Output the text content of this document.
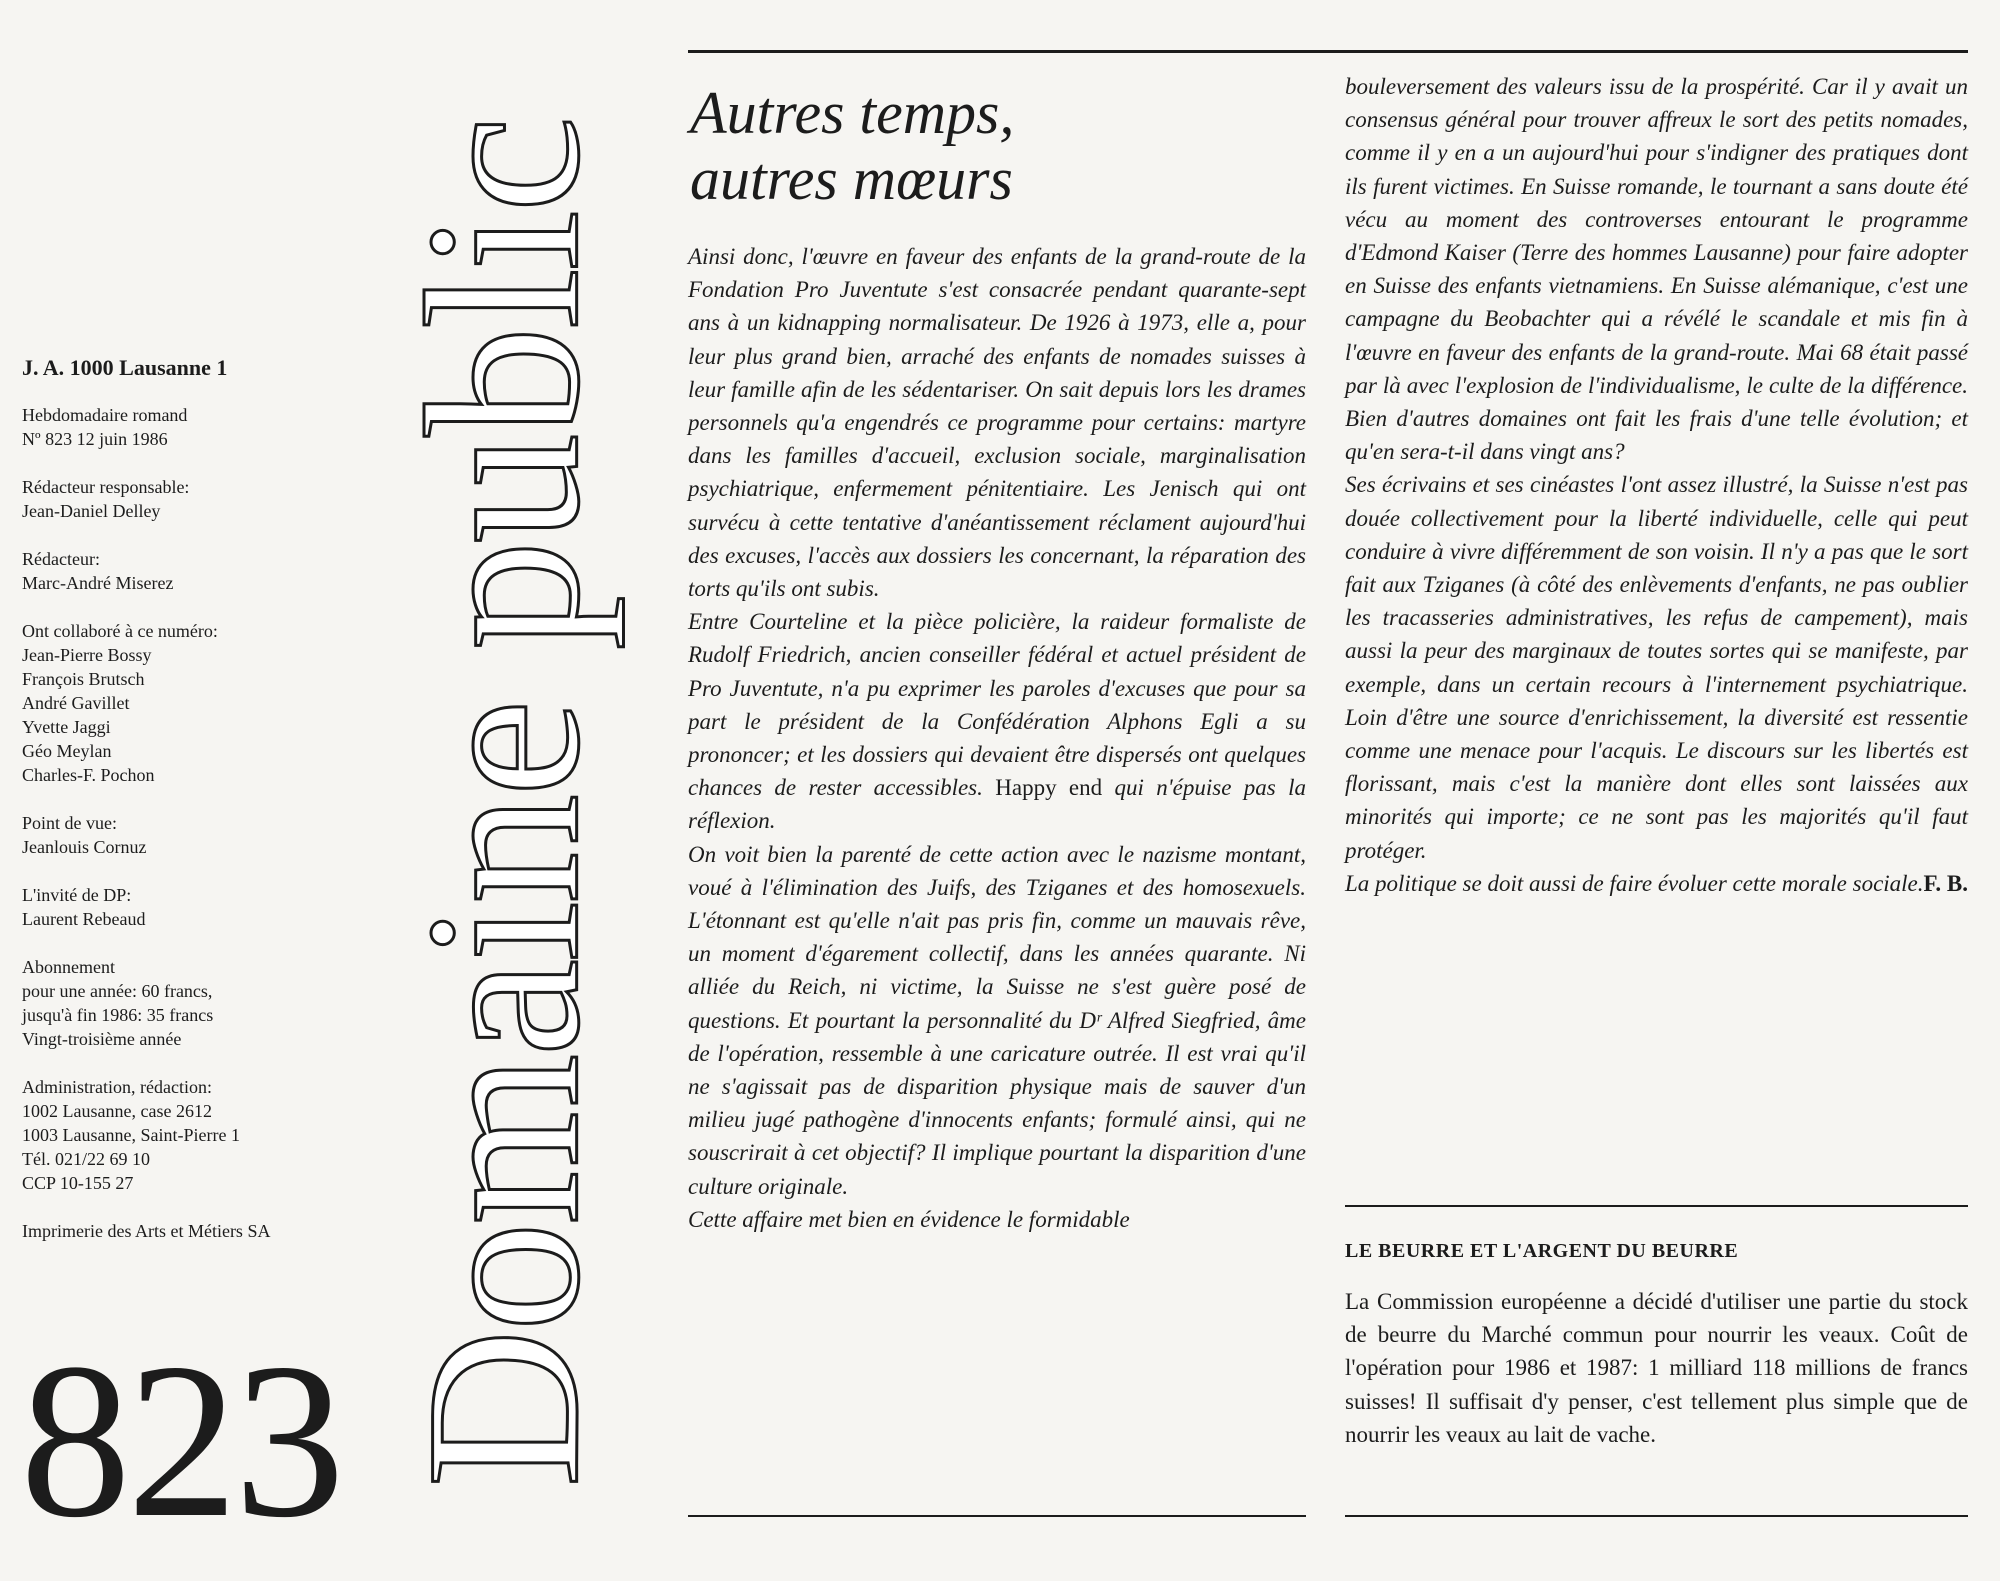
J. A. 1000 Lausanne 1
Hebdomadaire romand
Nº 823 12 juin 1986
Rédacteur responsable:
Jean-Daniel Delley
Rédacteur:
Marc-André Miserez
Ont collaboré à ce numéro:
Jean-Pierre Bossy
François Brutsch
André Gavillet
Yvette Jaggi
Géo Meylan
Charles-F. Pochon
Point de vue:
Jeanlouis Cornuz
L'invité de DP:
Laurent Rebeaud
Abonnement
pour une année: 60 francs,
jusqu'à fin 1986: 35 francs
Vingt-troisième année
Administration, rédaction:
1002 Lausanne, case 2612
1003 Lausanne, Saint-Pierre 1
Tél. 021/22 69 10
CCP 10-155 27
Imprimerie des Arts et Métiers SA
823 Domaine public
Autres temps,
autres mœurs

Ainsi donc, l'œuvre en faveur des enfants de la grand-route de la Fondation Pro Juventute s'est consacrée pendant quarante-sept ans à un kidnapping normalisateur. De 1926 à 1973, elle a, pour leur plus grand bien, arraché des enfants de nomades suisses à leur famille afin de les sédentariser. On sait depuis lors les drames personnels qu'a engendrés ce programme pour certains: martyre dans les familles d'accueil, exclusion sociale, marginalisation psychiatrique, enfermement pénitentiaire. Les Jenisch qui ont survécu à cette tentative d'anéantissement réclament aujourd'hui des excuses, l'accès aux dossiers les concernant, la réparation des torts qu'ils ont subis.

Entre Courteline et la pièce policière, la raideur formaliste de Rudolf Friedrich, ancien conseiller fédéral et actuel président de Pro Juventute, n'a pu exprimer les paroles d'excuses que pour sa part le président de la Confédération Alphons Egli a su prononcer; et les dossiers qui devaient être dispersés ont quelques chances de rester accessibles. Happy end qui n'épuise pas la réflexion.

On voit bien la parenté de cette action avec le nazisme montant, voué à l'élimination des Juifs, des Tziganes et des homosexuels. L'étonnant est qu'elle n'ait pas pris fin, comme un mauvais rêve, un moment d'égarement collectif, dans les années quarante. Ni alliée du Reich, ni victime, la Suisse ne s'est guère posé de questions. Et pourtant la personnalité du Dʳ Alfred Siegfried, âme de l'opération, ressemble à une caricature outrée. Il est vrai qu'il ne s'agissait pas de disparition physique mais de sauver d'un milieu jugé pathogène d'innocents enfants; formulé ainsi, qui ne souscrirait à cet objectif? Il implique pourtant la disparition d'une culture originale.

Cette affaire met bien en évidence le formidable

bouleversement des valeurs issu de la prospérité. Car il y avait un consensus général pour trouver affreux le sort des petits nomades, comme il y en a un aujourd'hui pour s'indigner des pratiques dont ils furent victimes. En Suisse romande, le tournant a sans doute été vécu au moment des controverses entourant le programme d'Edmond Kaiser (Terre des hommes Lausanne) pour faire adopter en Suisse des enfants vietnamiens. En Suisse alémanique, c'est une campagne du Beobachter qui a révélé le scandale et mis fin à l'œuvre en faveur des enfants de la grand-route. Mai 68 était passé par là avec l'explosion de l'individualisme, le culte de la différence. Bien d'autres domaines ont fait les frais d'une telle évolution; et qu'en sera-t-il dans vingt ans?

Ses écrivains et ses cinéastes l'ont assez illustré, la Suisse n'est pas douée collectivement pour la liberté individuelle, celle qui peut conduire à vivre différemment de son voisin. Il n'y a pas que le sort fait aux Tziganes (à côté des enlèvements d'enfants, ne pas oublier les tracasseries administratives, les refus de campement), mais aussi la peur des marginaux de toutes sortes qui se manifeste, par exemple, dans un certain recours à l'internement psychiatrique. Loin d'être une source d'enrichissement, la diversité est ressentie comme une menace pour l'acquis. Le discours sur les libertés est florissant, mais c'est la manière dont elles sont laissées aux minorités qui importe; ce ne sont pas les majorités qu'il faut protéger.

La politique se doit aussi de faire évoluer cette morale sociale. F. B.
LE BEURRE ET L'ARGENT DU BEURRE
La Commission européenne a décidé d'utiliser une partie du stock de beurre du Marché commun pour nourrir les veaux. Coût de l'opération pour 1986 et 1987: 1 milliard 118 millions de francs suisses! Il suffisait d'y penser, c'est tellement plus simple que de nourrir les veaux au lait de vache.
